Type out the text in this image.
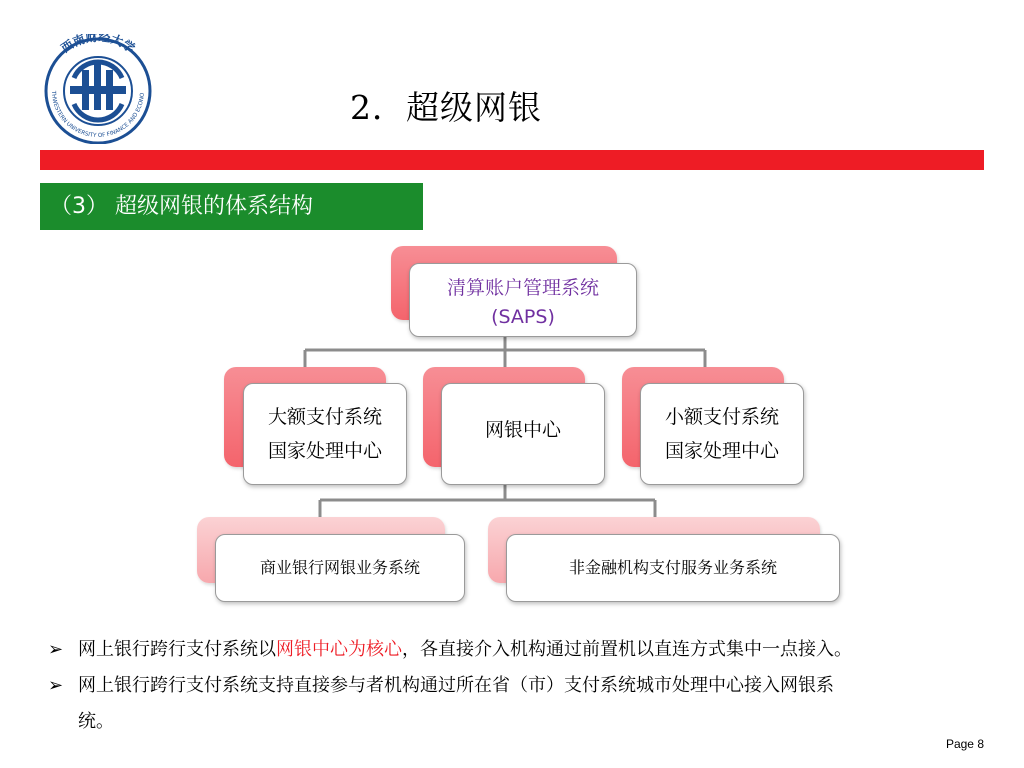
西南财经大学
THWESTERN UNIVERSITY OF FINANCE AND ECONO	2．超级网银
（3） 超级网银的体系结构
清算账户管理系统
(SAPS)
大额支付系统
国家处理中心
网银中心
小额支付系统
国家处理中心
商业银行网银业务系统	非金融机构支付服务业务系统
➢ 网上银行跨行支付系统以网银中心为核心，各直接介入机构通过前置机以直连方式集中一点接入。
➢ 网上银行跨行支付系统支持直接参与者机构通过所在省（市）支付系统城市处理中心接入网银系
统。
Page 8
